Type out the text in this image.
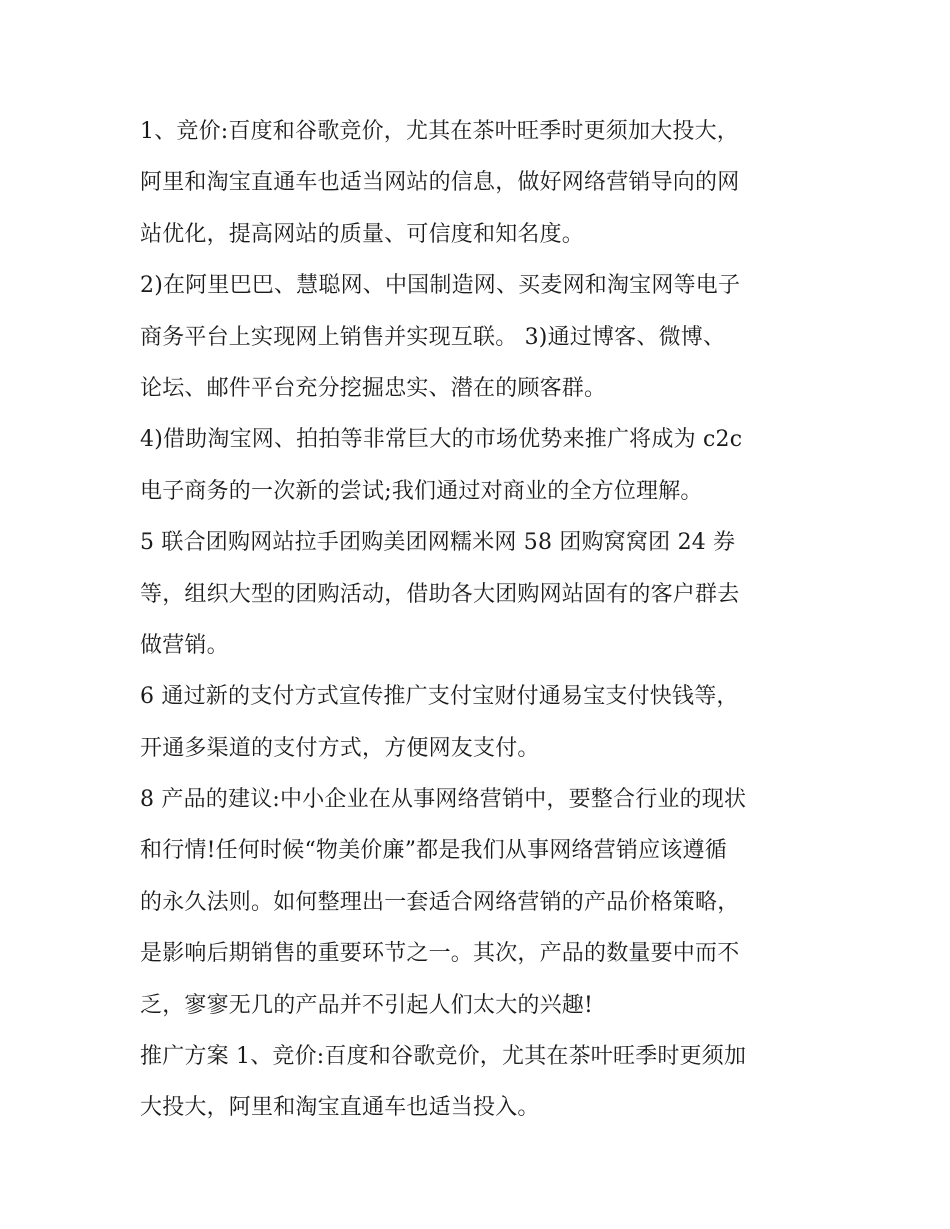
1、竞价:百度和谷歌竞价，尤其在茶叶旺季时更须加大投大，
阿里和淘宝直通车也适当网站的信息，做好网络营销导向的网
站优化，提高网站的质量、可信度和知名度。
2)在阿里巴巴、慧聪网、中国制造网、买麦网和淘宝网等电子
商务平台上实现网上销售并实现互联。 3)通过博客、微博、
论坛、邮件平台充分挖掘忠实、潜在的顾客群。
4)借助淘宝网、拍拍等非常巨大的市场优势来推广将成为 c2c
电子商务的一次新的尝试;我们通过对商业的全方位理解。
5 联合团购网站拉手团购美团网糯米网 58 团购窝窝团 24 券
等，组织大型的团购活动，借助各大团购网站固有的客户群去
做营销。
6 通过新的支付方式宣传推广支付宝财付通易宝支付快钱等，
开通多渠道的支付方式，方便网友支付。
8 产品的建议:中小企业在从事网络营销中，要整合行业的现状
和行情!任何时候“物美价廉”都是我们从事网络营销应该遵循
的永久法则。如何整理出一套适合网络营销的产品价格策略，
是影响后期销售的重要环节之一。其次，产品的数量要中而不
乏，寥寥无几的产品并不引起人们太大的兴趣!
推广方案 1、竞价:百度和谷歌竞价，尤其在茶叶旺季时更须加
大投大，阿里和淘宝直通车也适当投入。
